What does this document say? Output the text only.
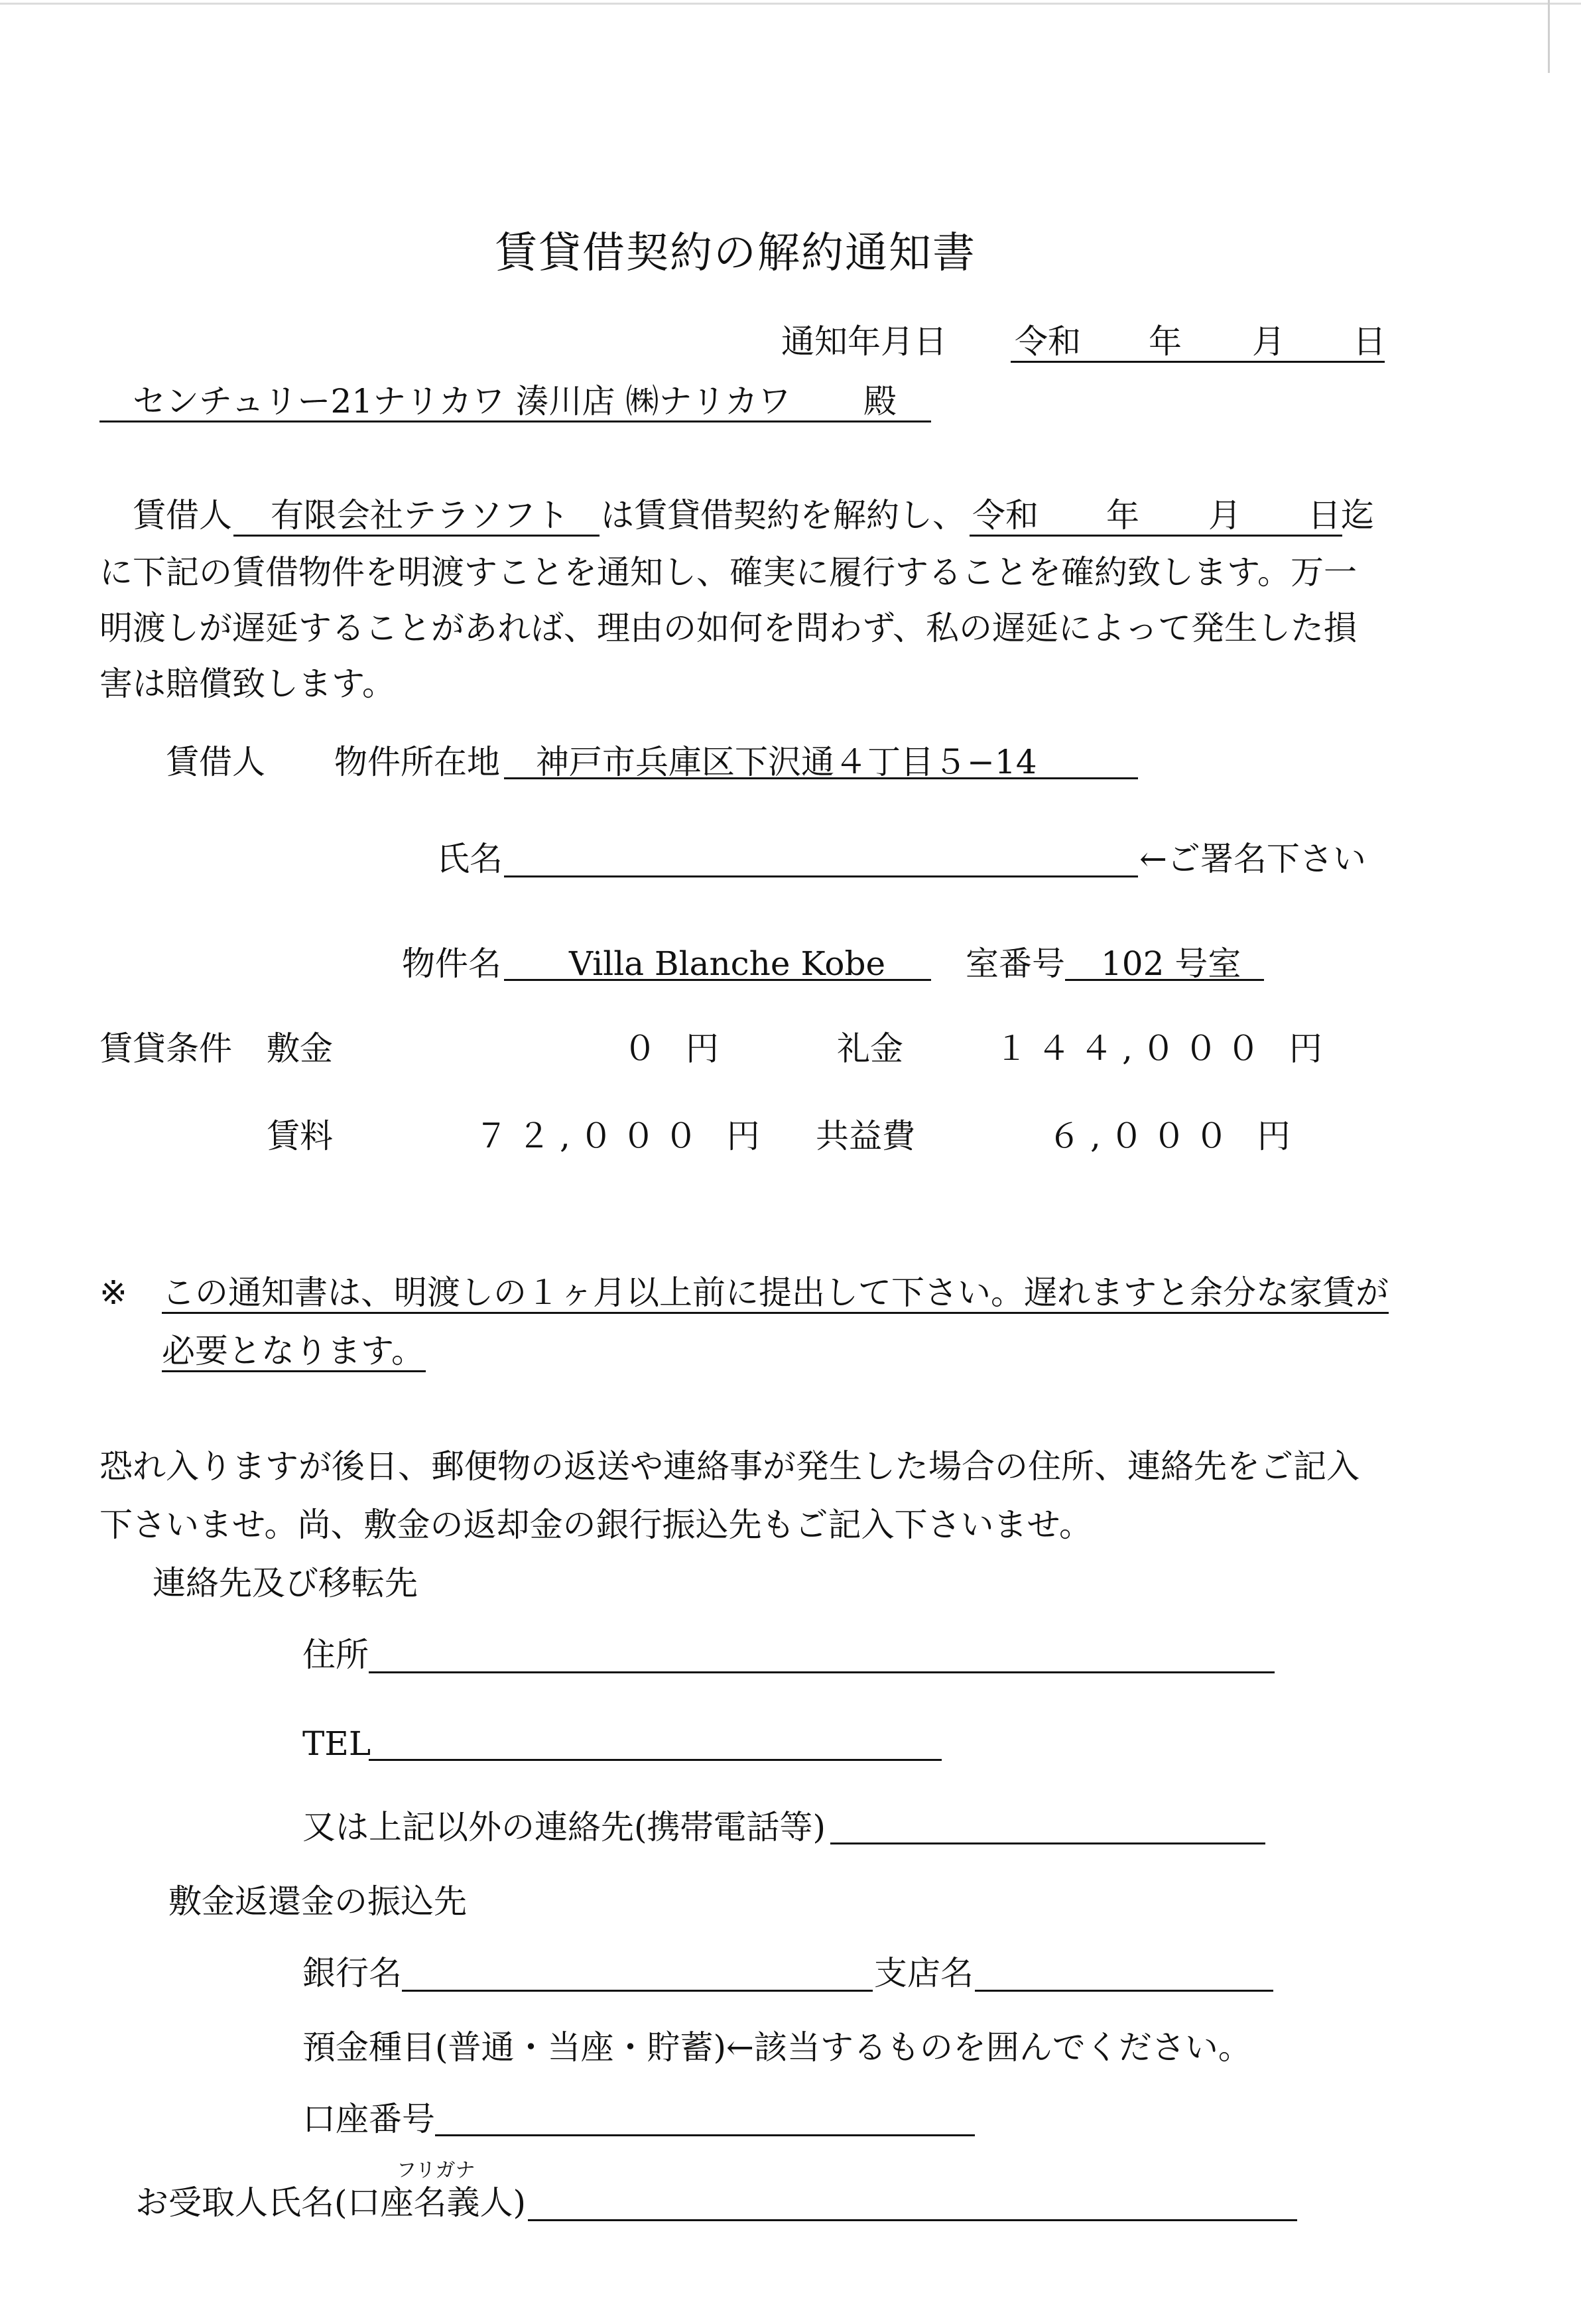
賃貸借契約の解約通知書
通知年月日 令和 年 月 日
センチュリー21ナリカワ 湊川店 ㈱ナリカワ 殿
賃借人 有限会社テラソフト は賃貸借契約を解約し、 令和 年 月 日迄
に下記の賃借物件を明渡すことを通知し、確実に履行することを確約致します。万一
明渡しが遅延することがあれば、理由の如何を問わず、私の遅延によって発生した損
害は賠償致します。
賃借人 物件所在地 神戸市兵庫区下沢通４丁目５−14
氏名	←ご署名下さい
物件名 Villa Blanche Kobe 室番号 102 号室
賃貸条件 敷金	０ 円	礼金	１４４,０００ 円
賃料	７２,０００ 円 共益費	６,０００ 円
※ この通知書は、明渡しの１ヶ月以上前に提出して下さい。遅れますと余分な家賃が
必要となります。
恐れ入りますが後日、郵便物の返送や連絡事が発生した場合の住所、連絡先をご記入
下さいませ。尚、敷金の返却金の銀行振込先もご記入下さいませ。
連絡先及び移転先
住所
TEL
又は上記以外の連絡先(携帯電話等)
敷金返還金の振込先
銀行名	支店名
預金種目(普通・当座・貯蓄)←該当するものを囲んでください。
口座番号
フリガナ
お受取人氏名(口座名義人)
